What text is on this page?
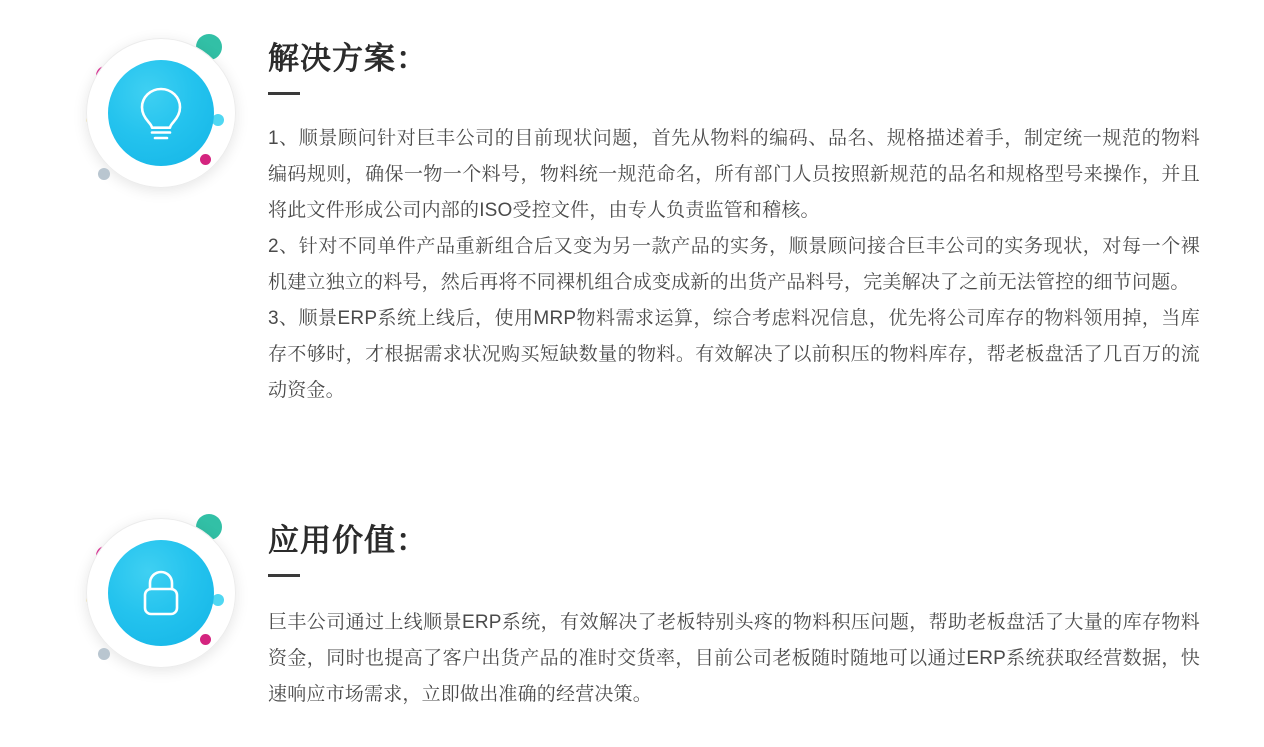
解决方案：

1、顺景顾问针对巨丰公司的目前现状问题，首先从物料的编码、品名、规格描述着手，制定统一规范的物料编码规则，确保一物一个料号，物料统一规范命名，所有部门人员按照新规范的品名和规格型号来操作，并且将此文件形成公司内部的ISO受控文件，由专人负责监管和稽核。

2、针对不同单件产品重新组合后又变为另一款产品的实务，顺景顾问接合巨丰公司的实务现状，对每一个裸机建立独立的料号，然后再将不同裸机组合成变成新的出货产品料号，完美解决了之前无法管控的细节问题。

3、顺景ERP系统上线后，使用MRP物料需求运算，综合考虑料况信息，优先将公司库存的物料领用掉，当库存不够时，才根据需求状况购买短缺数量的物料。有效解决了以前积压的物料库存，帮老板盘活了几百万的流动资金。

应用价值：

巨丰公司通过上线顺景ERP系统，有效解决了老板特别头疼的物料积压问题，帮助老板盘活了大量的库存物料资金，同时也提高了客户出货产品的准时交货率，目前公司老板随时随地可以通过ERP系统获取经营数据，快速响应市场需求，立即做出准确的经营决策。
